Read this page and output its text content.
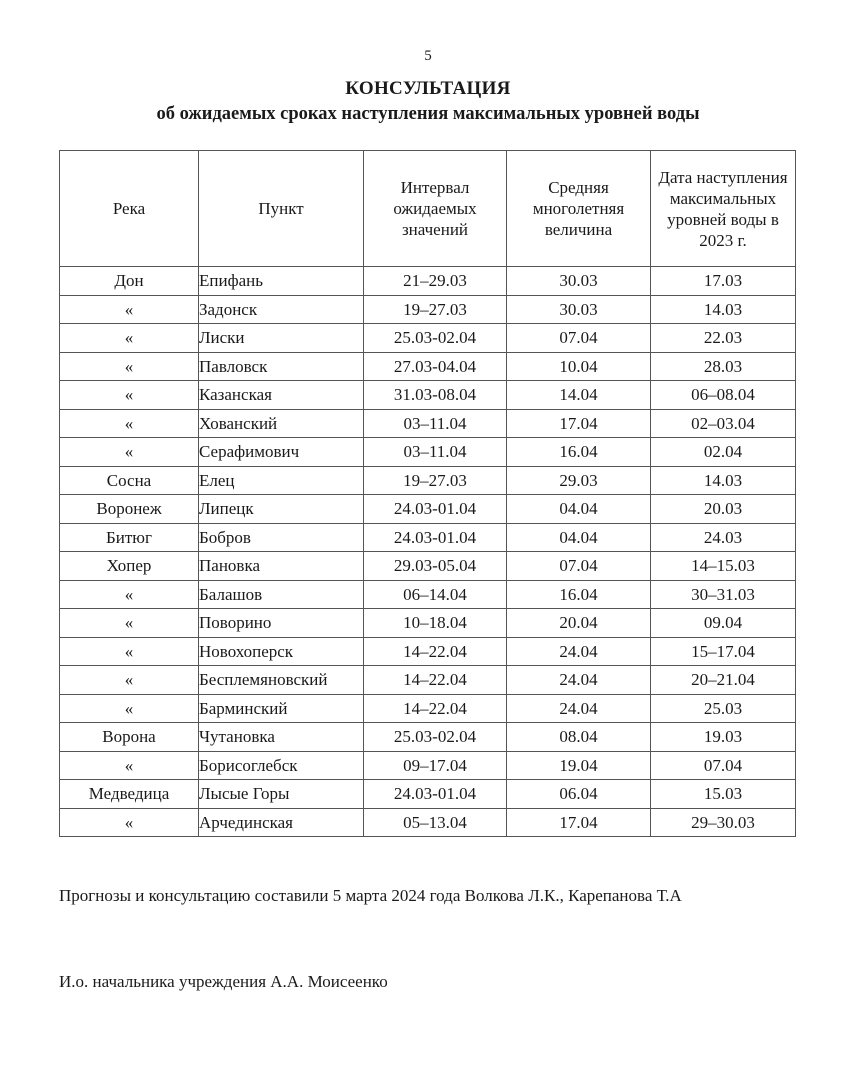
5
КОНСУЛЬТАЦИЯ
об ожидаемых сроках наступления максимальных уровней воды
Река	Пункт	Интервал ожидаемых значений	Средняя многолетняя величина	Дата наступления максимальных уровней воды в 2023 г.
Дон	Епифань	21–29.03	30.03	17.03
«	Задонск	19–27.03	30.03	14.03
«	Лиски	25.03-02.04	07.04	22.03
«	Павловск	27.03-04.04	10.04	28.03
«	Казанская	31.03-08.04	14.04	06–08.04
«	Хованский	03–11.04	17.04	02–03.04
«	Серафимович	03–11.04	16.04	02.04
Сосна	Елец	19–27.03	29.03	14.03
Воронеж	Липецк	24.03-01.04	04.04	20.03
Битюг	Бобров	24.03-01.04	04.04	24.03
Хопер	Пановка	29.03-05.04	07.04	14–15.03
«	Балашов	06–14.04	16.04	30–31.03
«	Поворино	10–18.04	20.04	09.04
«	Новохоперск	14–22.04	24.04	15–17.04
«	Бесплемяновский	14–22.04	24.04	20–21.04
«	Барминский	14–22.04	24.04	25.03
Ворона	Чутановка	25.03-02.04	08.04	19.03
«	Борисоглебск	09–17.04	19.04	07.04
Медведица	Лысые Горы	24.03-01.04	06.04	15.03
«	Арчединская	05–13.04	17.04	29–30.03
Прогнозы и консультацию составили 5 марта 2024 года Волкова Л.К., Карепанова Т.А
И.о. начальника учреждения А.А. Моисеенко
